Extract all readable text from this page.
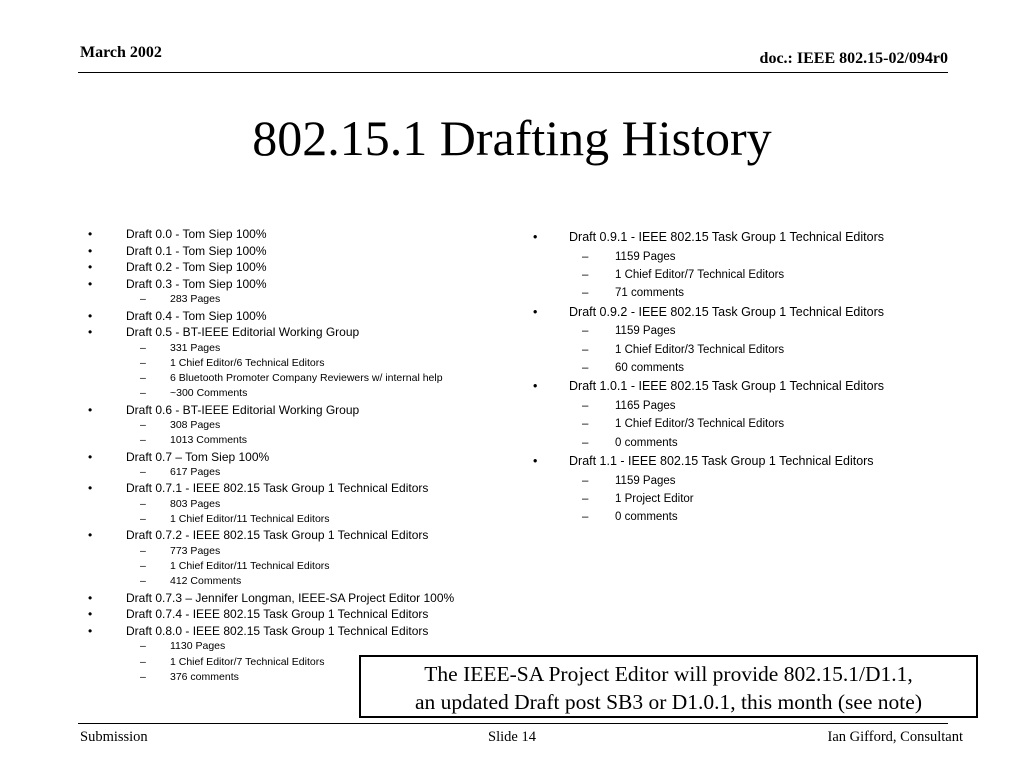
March 2002	doc.: IEEE 802.15-02/094r0
802.15.1 Drafting History
•	Draft 0.0 - Tom Siep 100%
•	Draft 0.1 - Tom Siep 100%
•	Draft 0.2 - Tom Siep 100%
•	Draft 0.3 - Tom Siep 100%
– 283 Pages
•	Draft 0.4 - Tom Siep 100%
•	Draft 0.5 - BT-IEEE Editorial Working Group
– 331 Pages
– 1 Chief Editor/6 Technical Editors
– 6 Bluetooth Promoter Company Reviewers w/ internal help
– ~300 Comments
•	Draft 0.6 - BT-IEEE Editorial Working Group
– 308 Pages
– 1013 Comments
•	Draft 0.7 – Tom Siep 100%
– 617 Pages
•	Draft 0.7.1 - IEEE 802.15 Task Group 1 Technical Editors
– 803 Pages
– 1 Chief Editor/11 Technical Editors
•	Draft 0.7.2 - IEEE 802.15 Task Group 1 Technical Editors
– 773 Pages
– 1 Chief Editor/11 Technical Editors
– 412 Comments
•	Draft 0.7.3 – Jennifer Longman, IEEE-SA Project Editor 100%
•	Draft 0.7.4 - IEEE 802.15 Task Group 1 Technical Editors
•	Draft 0.8.0 - IEEE 802.15 Task Group 1 Technical Editors
– 1130 Pages
– 1 Chief Editor/7 Technical Editors
– 376 comments
•	Draft 0.9.1 - IEEE 802.15 Task Group 1 Technical Editors
– 1159 Pages
– 1 Chief Editor/7 Technical Editors
– 71 comments
•	Draft 0.9.2 - IEEE 802.15 Task Group 1 Technical Editors
– 1159 Pages
– 1 Chief Editor/3 Technical Editors
– 60 comments
•	Draft 1.0.1 - IEEE 802.15 Task Group 1 Technical Editors
– 1165 Pages
– 1 Chief Editor/3 Technical Editors
– 0 comments
•	Draft 1.1 - IEEE 802.15 Task Group 1 Technical Editors
– 1159 Pages
– 1 Project Editor
– 0 comments
The IEEE-SA Project Editor will provide 802.15.1/D1.1,
an updated Draft post SB3 or D1.0.1, this month (see note)
Submission	Slide 14	Ian Gifford, Consultant
